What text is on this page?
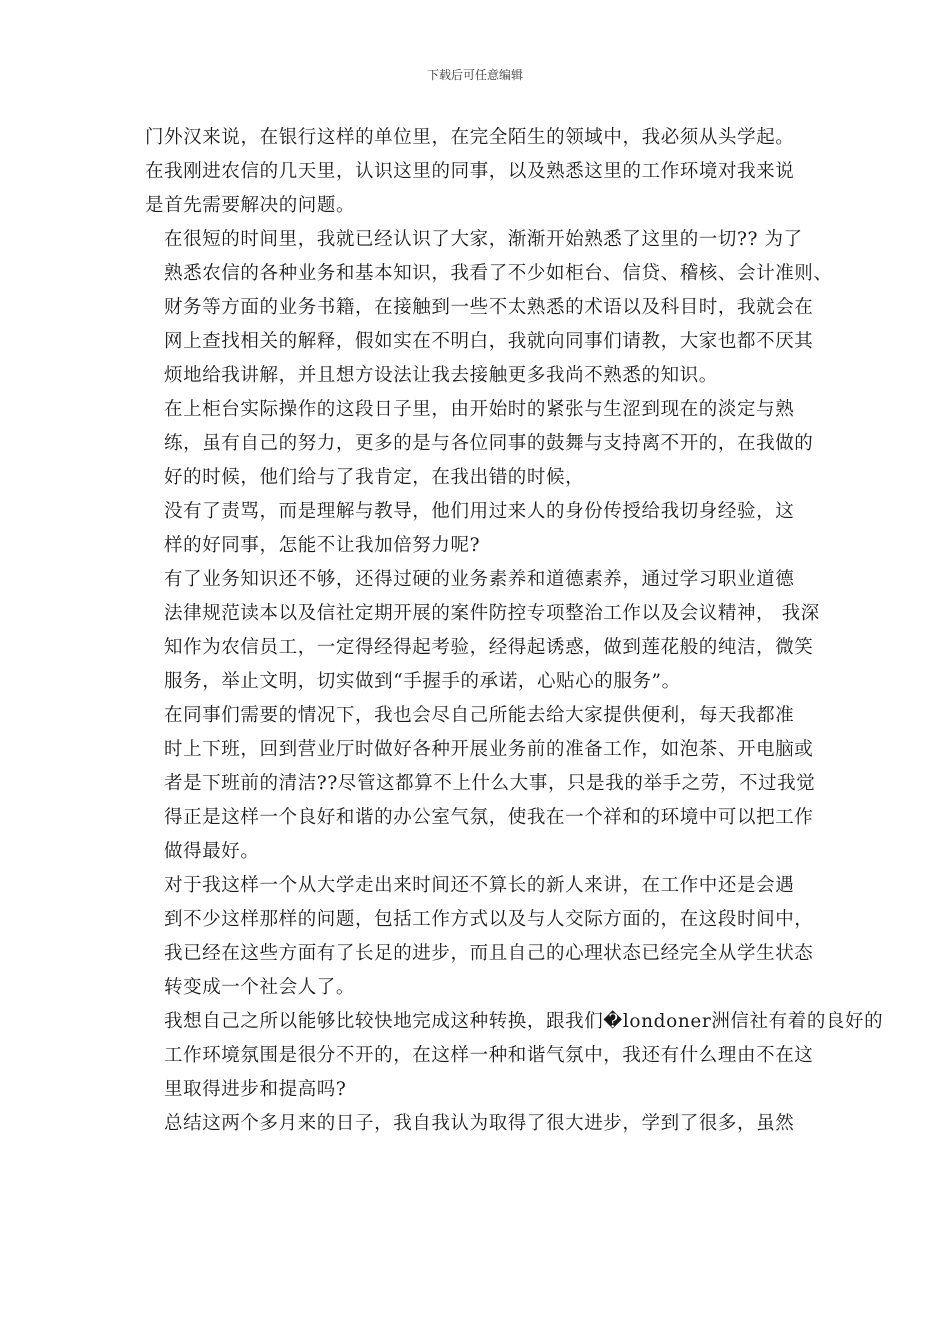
下载后可任意编辑

门外汉来说，在银行这样的单位里，在完全陌生的领域中，我必须从头学起。
在我刚进农信的几天里，认识这里的同事，以及熟悉这里的工作环境对我来说
是首先需要解决的问题。

在很短的时间里，我就已经认识了大家，渐渐开始熟悉了这里的一切?? 为了
熟悉农信的各种业务和基本知识，我看了不少如柜台、信贷、稽核、会计准则、
财务等方面的业务书籍，在接触到一些不太熟悉的术语以及科目时，我就会在
网上查找相关的解释，假如实在不明白，我就向同事们请教，大家也都不厌其
烦地给我讲解，并且想方设法让我去接触更多我尚不熟悉的知识。

在上柜台实际操作的这段日子里，由开始时的紧张与生涩到现在的淡定与熟
练，虽有自己的努力，更多的是与各位同事的鼓舞与支持离不开的，在我做的
好的时候，他们给与了我肯定，在我出错的时候，

没有了责骂，而是理解与教导，他们用过来人的身份传授给我切身经验，这
样的好同事，怎能不让我加倍努力呢?

有了业务知识还不够，还得过硬的业务素养和道德素养，通过学习职业道德
法律规范读本以及信社定期开展的案件防控专项整治工作以及会议精神， 我深
知作为农信员工，一定得经得起考验，经得起诱惑，做到莲花般的纯洁，微笑
服务，举止文明，切实做到“手握手的承诺，心贴心的服务”。

在同事们需要的情况下，我也会尽自己所能去给大家提供便利，每天我都准
时上下班，回到营业厅时做好各种开展业务前的准备工作，如泡茶、开电脑或
者是下班前的清洁??尽管这都算不上什么大事，只是我的举手之劳，不过我觉
得正是这样一个良好和谐的办公室气氛，使我在一个祥和的环境中可以把工作
做得最好。

对于我这样一个从大学走出来时间还不算长的新人来讲，在工作中还是会遇
到不少这样那样的问题，包括工作方式以及与人交际方面的，在这段时间中，
我已经在这些方面有了长足的进步，而且自己的心理状态已经完全从学生状态
转变成一个社会人了。

我想自己之所以能够比较快地完成这种转换，跟我们�londoner洲信社有着的良好的
工作环境氛围是很分不开的，在这样一种和谐气氛中，我还有什么理由不在这
里取得进步和提高吗?

总结这两个多月来的日子，我自我认为取得了很大进步，学到了很多，虽然
